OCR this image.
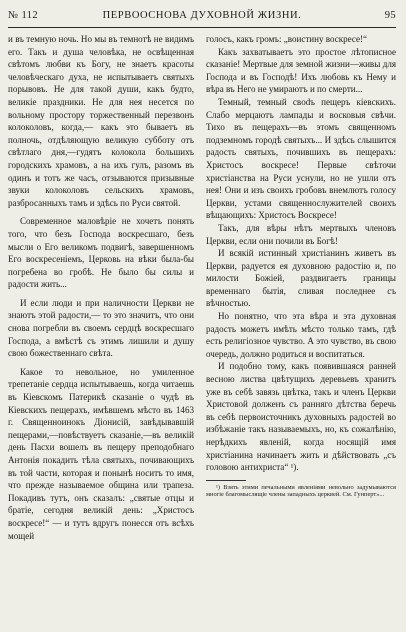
№ 112	ПЕРВООСНОВА ДУХОВНОЙ ЖИЗНИ.	95

и въ темную ночь. Но мы въ темнотѣ не видимъ его. Такъ и душа человѣка, не освѣщенная свѣтомъ любви къ Богу, не знаетъ красоты человѣческаго духа, не испытываетъ святыхъ порывовъ. Не для такой души, какъ будто, великіе праздники. Не для нея несется по вольному простору торжественный перезвонъ колоколовъ, когда,— какъ это бываетъ въ полночь, отдѣляющую великую субботу отъ свѣтлаго дня,—гудятъ колокола большихъ городскихъ храмовъ, а на ихъ гулъ, разомъ въ одинъ и тотъ же часъ, отзываются призывные звуки колоколовъ сельскихъ храмовъ, разбросанныхъ тамъ и здѣсь по Руси святой.

Современное маловѣріе не хочетъ понять того, что безъ Господа воскресшаго, безъ мысли о Его великомъ подвигѣ, завершенномъ Его воскресеніемъ, Церковь на вѣки была-бы погребена во гробѣ. Не было бы силы и радости жить...

И если люди и при наличности Церкви не знаютъ этой радости,— то это значитъ, что они снова погребли въ своемъ сердцѣ воскресшаго Господа, а вмѣстѣ съ этимъ лишили и душу свою божественнаго свѣта.

Какое то невольное, но умиленное трепетаніе сердца испытываешь, когда читаешь въ Кіевскомъ Патерикѣ сказаніе о чудѣ въ Кіевскихъ пещерахъ, имѣвшемъ мѣсто въ 1463 г. Священноинокъ Діонисій, завѣдывавшій пещерами,—повѣствуетъ сказаніе,—въ великій день Пасхи вошелъ въ пещеру преподобнаго Антонія покадить тѣла святыхъ, почивающихъ въ той части, которая и понынѣ носитъ то имя, что прежде называемое община или трапеза. Покадивъ тутъ, онъ сказалъ: „святые отцы и братіе, сегодня великій день: „Христосъ воскресе!“ — и тутъ вдругъ понесся отъ всѣхъ мощей

голосъ, какъ громъ: „воистину воскресе!“

Какъ захватываетъ это простое лѣтописное сказаніе! Мертвые для земной жизни—живы для Господа и въ Господѣ! Ихъ любовь къ Нему и вѣра въ Него не умираютъ и по смерти...

Темный, темный свodъ пещеръ кіевскихъ. Слабо мерцаютъ лампады и восковыя свѣчи. Тихо въ пещерахъ—въ этомъ священномъ подземномъ городѣ святыхъ... И здѣсь слышится радость святыхъ, почившихъ въ пещерахъ: Христосъ воскресе! Первые свѣточи христіанства на Руси уснули, но не ушли отъ нея! Они и изъ своихъ гробовъ внемлютъ голосу Церкви, устами священнослужителей своихъ вѣщающихъ: Христосъ Воскресе!

Такъ, для вѣры нѣтъ мертвыхъ членовъ Церкви, если они почили въ Богѣ!

И всякій истинный христіанинъ живетъ въ Церкви, радуется ея духовною радостію и, по милости Божіей, раздвигаетъ границы временнаго бытія, сливая последнее съ вѣчностью.

Но понятно, что эта вѣра и эта духовная радость можетъ имѣть мѣсто только тамъ, гдѣ есть религіозное чувство. А это чувство, въ свою очередь, должно родиться и воспитаться.

И подобно тому, какъ появившаяся ранней весною листва цвѣтущихъ деревьевъ хранитъ уже въ себѣ завязь цвѣтка, такъ и членъ Церкви Христовой долженъ съ ранняго дѣтства беречь въ себѣ первоисточникъ духовныхъ радостей во избѣжаніе такъ называемыхъ, но, къ сожалѣнію, нерѣдкихъ явленій, когда носящій имя христіанина начинаетъ жить и дѣйствовать „съ головою антихриста“ ¹).

¹) Взять этими печальными явленіями невольно задумываются многіе благомыслящіе члены западныхъ церквей. См. Гунперт»...
